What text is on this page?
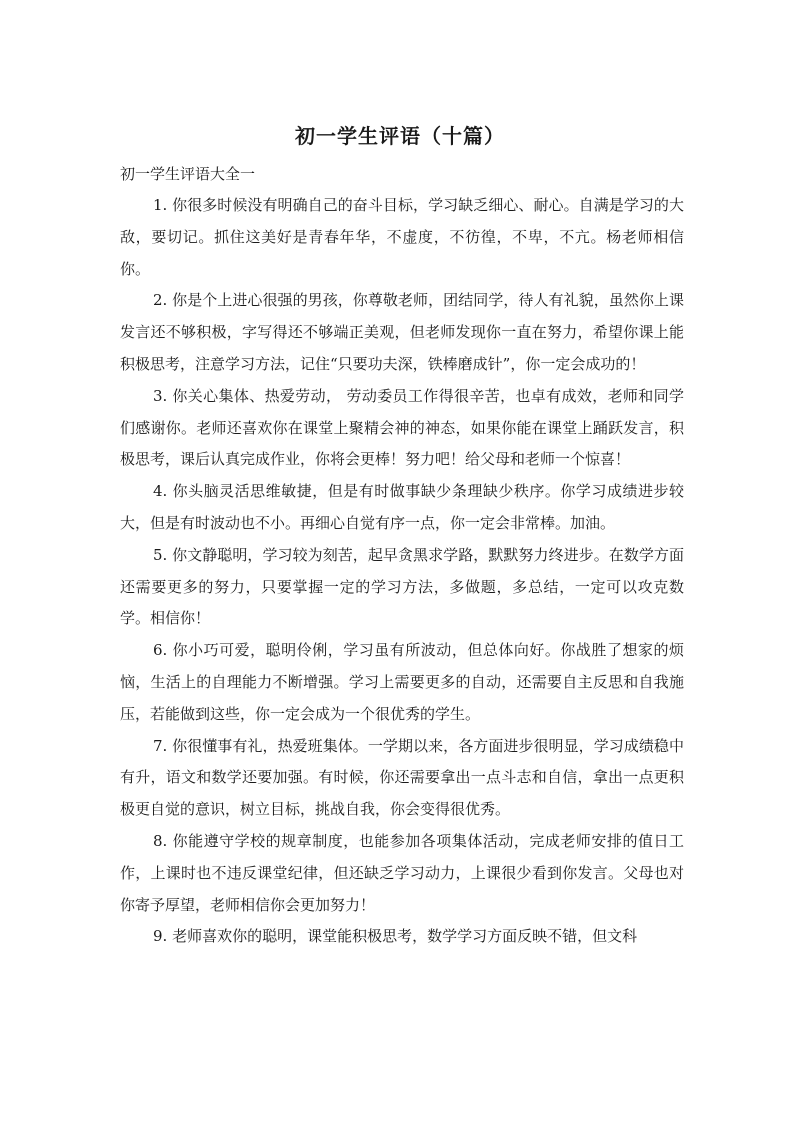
初一学生评语（十篇）
初一学生评语大全一

1. 你很多时候没有明确自己的奋斗目标，学习缺乏细心、耐心。自满是学习的大敌，要切记。抓住这美好是青春年华，不虚度，不彷徨，不卑，不亢。杨老师相信你。

2. 你是个上进心很强的男孩，你尊敬老师，团结同学，待人有礼貌，虽然你上课发言还不够积极，字写得还不够端正美观，但老师发现你一直在努力，希望你课上能积极思考，注意学习方法，记住“只要功夫深，铁棒磨成针”，你一定会成功的！

3. 你关心集体、热爱劳动， 劳动委员工作得很辛苦，也卓有成效，老师和同学们感谢你。老师还喜欢你在课堂上聚精会神的神态，如果你能在课堂上踊跃发言，积极思考，课后认真完成作业，你将会更棒！努力吧！给父母和老师一个惊喜！

4. 你头脑灵活思维敏捷，但是有时做事缺少条理缺少秩序。你学习成绩进步较大，但是有时波动也不小。再细心自觉有序一点，你一定会非常棒。加油。

5. 你文静聪明，学习较为刻苦，起早贪黑求学路，默默努力终进步。在数学方面还需要更多的努力，只要掌握一定的学习方法，多做题，多总结，一定可以攻克数学。相信你！

6. 你小巧可爱，聪明伶俐，学习虽有所波动，但总体向好。你战胜了想家的烦恼，生活上的自理能力不断增强。学习上需要更多的自动，还需要自主反思和自我施压，若能做到这些，你一定会成为一个很优秀的学生。

7. 你很懂事有礼，热爱班集体。一学期以来，各方面进步很明显，学习成绩稳中有升，语文和数学还要加强。有时候，你还需要拿出一点斗志和自信，拿出一点更积极更自觉的意识，树立目标，挑战自我，你会变得很优秀。

8. 你能遵守学校的规章制度，也能参加各项集体活动，完成老师安排的值日工作，上课时也不违反课堂纪律，但还缺乏学习动力，上课很少看到你发言。父母也对你寄予厚望，老师相信你会更加努力！

9. 老师喜欢你的聪明，课堂能积极思考，数学学习方面反映不错，但文科
